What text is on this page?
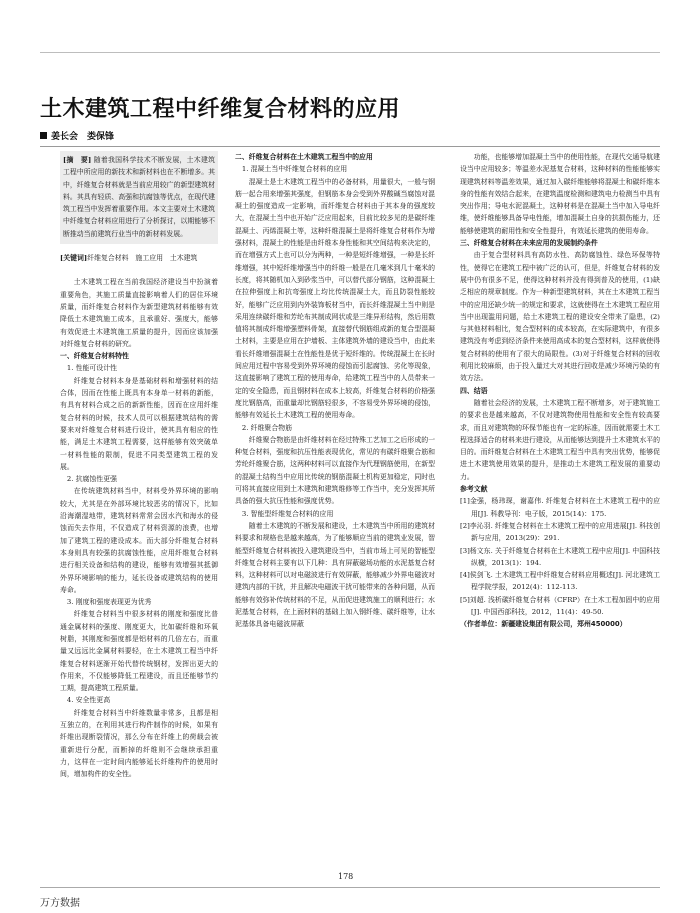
土木建筑工程中纤维复合材料的应用
姜长会　娄保锋

[摘　要] 随着我国科学技术不断发展，土木建筑工程中所应用的新技术和新材料也在不断增多。其中，纤维复合材料就是当前应用较广的新型建筑材料。其具有轻质、高强和抗腐蚀等优点，在现代建筑工程当中发挥着重要作用。本文主要对土木建筑中纤维复合材料应用进行了分析探讨，以期能够不断推动当前建筑行业当中的新材料发展。

[关键词]纤维复合材料　施工应用　土木建筑

土木建筑工程在当前我国经济建设当中扮演着重要角色，其施工质量直接影响着人们的居住环境质量，而纤维复合材料作为新型建筑材料能够有效降低土木建筑施工成本，且承重好、强度大，能够有效促进土木建筑施工质量的提升，因而应该加强对纤维复合材料的研究。

一、纤维复合材料特性

1. 性能可设计性

纤维复合材料本身是基础材料和增强材料的结合体，因而在性能上既具有本身单一材料的新能，有具有材料合成之后的新新性能，因而在应用纤维复合材料的时候，技术人员可以根据建筑结构的需要来对纤维复合材料进行设计，使其具有相应的性能，满足土木建筑工程需要，这样能够有效突破单一材料性能的限制，促进不同类型建筑工程的发展。

2. 抗腐蚀性更强

在传统建筑材料当中，材料受外界环境的影响较大，尤其是在外部环境比较恶劣的情况下，比如沿海潮湿地带，建筑材料常常会因水汽和海水的侵蚀而失去作用，不仅造成了材料资源的浪费，也增加了建筑工程的建设成本。而大部分纤维复合材料本身则具有较强的抗腐蚀性能，应用纤维复合材料进行相关设备和结构的建设，能够有效增强其抵御外界环境影响的能力，延长设备或建筑结构的使用寿命。

3. 刚度和强度表现更为优秀

纤维复合材料当中很多材料的刚度和强度比普通金属材料的强度、刚度更大，比如碳纤维和环氧树脂，其刚度和强度都是铝材料的几倍左右，而重量又远远比金属材料要轻，在土木建筑工程当中纤维复合材料逐渐开始代替传统钢材，发挥出更大的作用来，不仅能够降低工程建设，而且还能够节约工期，提高建筑工程质量。

4. 安全性更高

纤维复合材料当中纤维数量非常多，且都是相互独立的，在利用其进行构件制作的时候，如果有纤维出现断裂情况，那么分布在纤维上的荷载会被重新进行分配，而断掉的纤维则不会继续承担重力，这样在一定时间内能够延长纤维构件的使用时间，增加构件的安全性。

二、纤维复合材料在土木建筑工程当中的应用

1. 混凝土当中纤维复合材料的应用

混凝土是土木建筑工程当中的必备材料，用量很大，一般与钢筋一起合用来增强其强度，但钢筋本身会受到外界酸碱当腐蚀对混凝土的强度造成一定影响，而纤维复合材料由于其本身的强度较大，在混凝土当中也开始广泛应用起来，目前比较多见的是碳纤维混凝土、丙烯混凝土等，这种纤维混凝土是将纤维复合材料作为增强材料，混凝土的性能是由纤维本身性能和其空间结构来决定的，而在增强方式上也可以分为两种，一种是短纤维增强，一种是长纤维增强，其中短纤维增强当中的纤维一般是在几毫米到几十毫米的长度，将其随机加入到砂浆当中，可以替代部分钢筋，这种混凝土在拉伸强度上和抗弯强度上均比传统混凝土大，而且防裂性能较好，能够广泛应用到内外装饰板材当中，而长纤维混凝土当中则是采用连续碳纤维和芳纶布其制成网状或是三维异形结构，然后用数值将其制成纤维增强塑料骨架，直接替代钢筋组成新的复合型混凝土材料，主要是应用在护墙板、主体建筑外墙的建设当中，由此来看长纤维增强混凝土在性能性是优于短纤维的。传统混凝土在长时间应用过程中容易受到外界环境的侵蚀而引起腐蚀、劣化等现象，这直接影响了建筑工程的使用寿命，给建筑工程当中的人员带来一定的安全隐患，而且钢材料在成本上较高，纤维复合材料的价格强度比钢筋高，而重量却比钢筋轻很多，不容易受外界环境的侵蚀，能够有效延长土木建筑工程的使用寿命。

2. 纤维聚合物筋

纤维聚合物筋是由纤维材料在经过特殊工艺加工之后形成的一种复合材料，强度和抗压性能表现优化，常见的有碳纤维聚合筋和芳纶纤维聚合筋，这两种材料可以直接作为代理钢筋使用，在新型的混凝土结构当中应用比传统的钢筋混凝土机构更加稳定，同时也可将其直接应用到土木建筑和建筑维修等工作当中，充分发挥其所具备的强大抗压性能和强度优势。

3. 智能型纤维复合材料的应用

随着土木建筑的不断发展和建设，土木建筑当中所用的建筑材料要求和规格也是越来越高，为了能够顺应当前的建筑业发展，智能型纤维复合材料被投入建筑建设当中，当前市场上可见的智能型纤维复合材料主要有以下几种：具有屏蔽磁场功能的水泥基复合材料，这种材料可以对电磁波进行有效屏蔽，能够减少外界电磁波对建筑内部的干扰，并且解决电磁波干扰可能带来的各种问题，从而能够有效弥补传统材料的不足，从而促进建筑施工的顺利进行；水泥基复合材料，在上面材料的基础上加入钢纤维、碳纤维等，让水泥基体具备电磁波屏蔽

功能，也能够增加混凝土当中的使用性能，在现代交通导航建设当中应用较多；等温差水泥基复合材料，这种材料的性能能够实现建筑材料等温差效果，通过加入碳纤维能够将混凝土和碳纤维本身的性能有效结合起来，在建筑温度检测和建筑电力检测当中具有突出作用；导电水泥混凝土，这种材料是在混凝土当中加入导电纤维，使纤维能够具备导电性能，增加混凝土自身的抗损伤能力，还能够使建筑的耐用性和安全性提升，有效延长建筑的使用寿命。

三、纤维复合材料在未来应用的发展制约条件

由于复合型材料具有高防水性、高防腐蚀性、绿色环保等特性，使得它在建筑工程中被广泛的认可，但是，纤维复合材料的发展中仍有很多不足，使得这种材料并没有得到普及的使用，(1)缺乏相应的规章制度。作为一种新型建筑材料，其在土木建筑工程当中的应用还缺少统一的规定和要求，这就使得在土木建筑工程应用当中出现滥用问题，给土木建筑工程的建设安全带来了隐患，(2)与其他材料相比，复合型材料的成本较高，在实际建筑中，有很多建筑没有考虑到经济条件来使用高成本的复合型材料，这样就使得复合材料的使用有了很大的局限性。(3)对于纤维复合材料的回收利用比较麻烦，由于投入量过大对其进行回收是减少环境污染的有效方法。

四、结语

随着社会经济的发展，土木建筑工程不断增多，对于建筑施工的要求也是越来越高，不仅对建筑物使用性能和安全性有较高要求，而且对建筑物的环保节能也有一定的标准，因而就需要土木工程选择适合的材料来进行建设，从而能够达到提升土木建筑水平的目的。而纤维复合材料在土木建筑工程当中具有突出优势，能够促进土木建筑使用效果的提升，是推动土木建筑工程发展的重要动力。

参考文献

[1]金强，杨玮琛，谢嘉伟. 纤维复合材料在土木建筑工程中的应用[J]. 科教导刊：电子版，2015(14)：175.

[2]李沁羽. 纤维复合材料在土木建筑工程中的应用进展[J]. 科技创新与应用，2013(29)：291.

[3]杨文东. 关于纤维复合材料在土木建筑工程中应用[J]. 中国科技纵横，2013(1)：194.

[4]侯剑飞. 土木建筑工程中纤维复合材料应用概述[J]. 河北建筑工程学院学报，2012(4)：112-113.

[5]刘超. 浅析碳纤维复合材料（CFRP）在土木工程加固中的应用[J]. 中国西部科技，2012，11(4)：49-50.

（作者单位：新疆建设集团有限公司，郑州450000）

178
万方数据
